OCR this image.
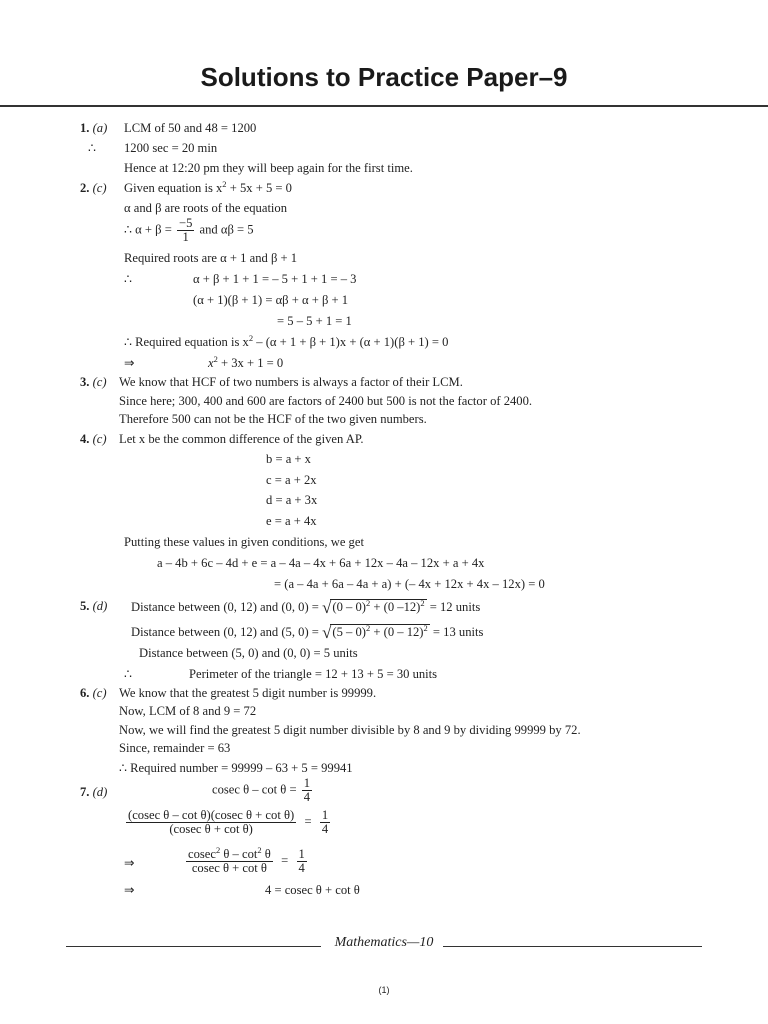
Solutions to Practice Paper–9
1. (a) LCM of 50 and 48 = 1200
∴ 1200 sec = 20 min
Hence at 12:20 pm they will beep again for the first time.
2. (c) Given equation is $x^2 + 5x + 5 = 0$
α and β are roots of the equation
∴ $\alpha + \beta = \frac{-5}{1}$ and αβ = 5
Required roots are α + 1 and β + 1
∴	α + β + 1 + 1 = – 5 + 1 + 1 = – 3
(α + 1)(β + 1) = αβ + α + β + 1
= 5 – 5 + 1 = 1
∴ Required equation is $x^2 - (\alpha + 1 + \beta + 1)x + (\alpha + 1)(\beta + 1) = 0$
⇒	$x^2 + 3x + 1 = 0$
3. (c) We know that HCF of two numbers is always a factor of their LCM.
Since here; 300, 400 and 600 are factors of 2400 but 500 is not the factor of 2400.
Therefore 500 can not be the HCF of the two given numbers.
4. (c) Let x be the common difference of the given AP.
b = a + x
c = a + 2x
d = a + 3x
e = a + 4x
Putting these values in given conditions, we get
a – 4b + 6c – 4d + e = a – 4a – 4x + 6a + 12x – 4a – 12x + a + 4x
= (a – 4a + 6a – 4a + a) + (– 4x + 12x + 4x – 12x) = 0
5. (d) Distance between (0, 12) and (0, 0) = √(0 – 0)$^2$ + (0 –12)$^2$ = 12 units
Distance between (0, 12) and (5, 0) = √(5 – 0)$^2$ + (0 – 12)$^2$ = 13 units
Distance between (5, 0) and (0, 0) = 5 units
∴	Perimeter of the triangle = 12 + 13 + 5 = 30 units
6. (c) We know that the greatest 5 digit number is 99999.
Now, LCM of 8 and 9 = 72
Now, we will find the greatest 5 digit number divisible by 8 and 9 by dividing 99999 by 72.
Since, remainder = 63
∴ Required number = 99999 – 63 + 5 = 99941
7. (d)	cosec $\theta - \cot \theta = \frac{1}{4}$
$\frac{\text{(cosec θ – cot θ)(cosec θ + cot θ)}}{\text{(cosec θ + cot θ)}} = \frac{1}{4}$
⇒	$\frac{cosec^2 \theta - \cot^2 \theta}{\text{cosec θ + cot θ}} = \frac{1}{4}$
⇒	4 = cosec θ + cot θ
Mathematics—10
(1)
